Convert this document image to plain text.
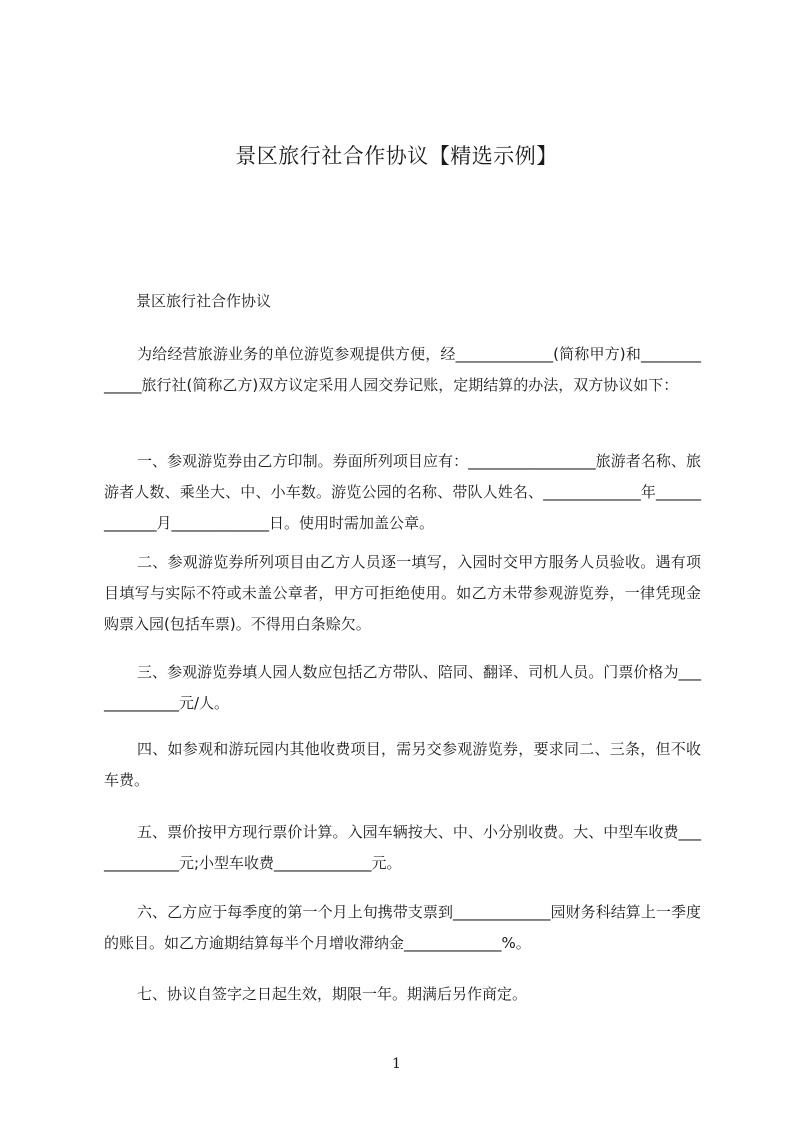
景区旅行社合作协议【精选示例】
景区旅行社合作协议
为给经营旅游业务的单位游览参观提供方便，经_____________(简称甲方)和_____________旅行社(简称乙方)双方议定采用人园交券记账，定期结算的办法，双方协议如下：
一、参观游览券由乙方印制。券面所列项目应有：_________________旅游者名称、旅游者人数、乘坐大、中、小车数。游览公园的名称、带队人姓名、_____________年_____________月_____________日。使用时需加盖公章。
二、参观游览券所列项目由乙方人员逐一填写，入园时交甲方服务人员验收。遇有项目填写与实际不符或未盖公章者，甲方可拒绝使用。如乙方未带参观游览券，一律凭现金购票入园(包括车票)。不得用白条赊欠。
三、参观游览券填人园人数应包括乙方带队、陪同、翻译、司机人员。门票价格为_____________元/人。
四、如参观和游玩园内其他收费项目，需另交参观游览券，要求同二、三条，但不收车费。
五、票价按甲方现行票价计算。入园车辆按大、中、小分别收费。大、中型车收费_____________元;小型车收费_____________元。
六、乙方应于每季度的第一个月上旬携带支票到_____________园财务科结算上一季度的账目。如乙方逾期结算每半个月增收滞纳金_____________%。
七、协议自签字之日起生效，期限一年。期满后另作商定。
1
